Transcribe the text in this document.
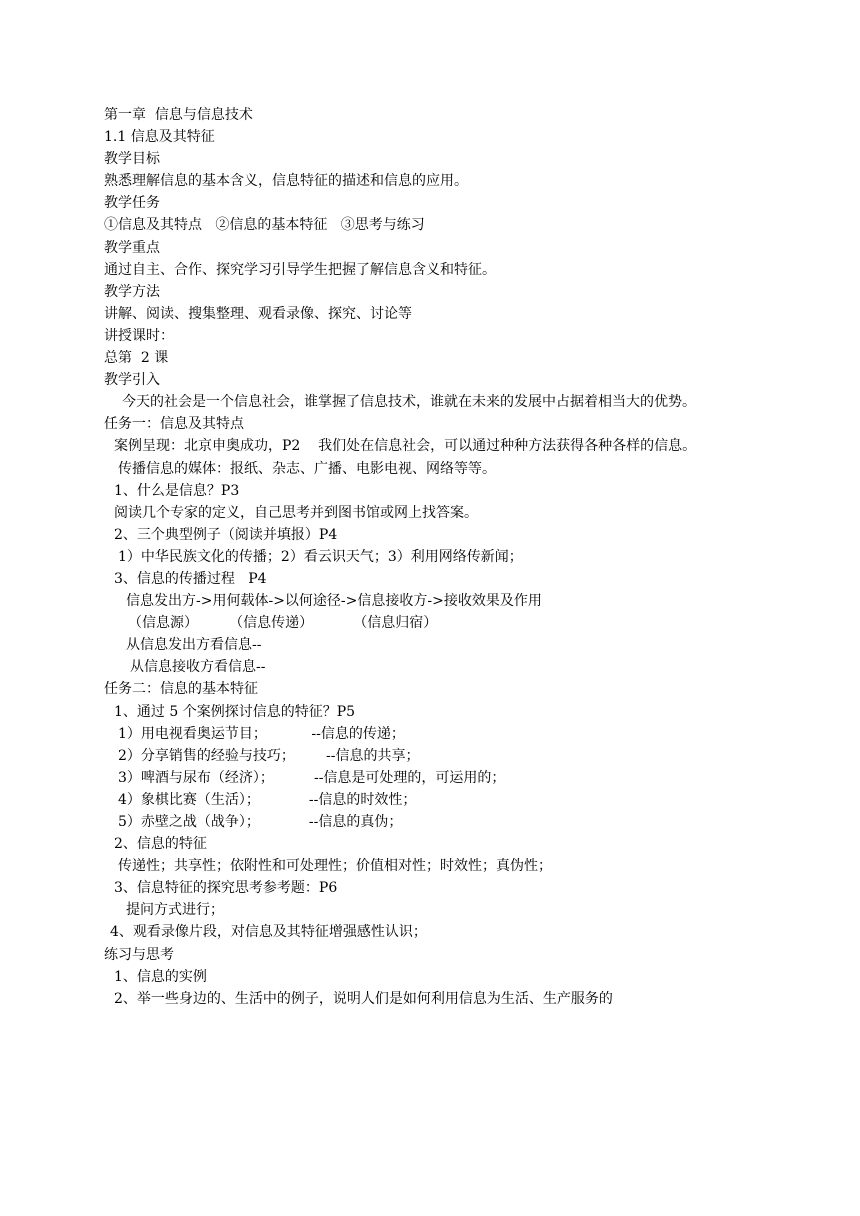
第一章  信息与信息技术
1.1 信息及其特征
教学目标
熟悉理解信息的基本含义，信息特征的描述和信息的应用。
教学任务
①信息及其特点   ②信息的基本特征   ③思考与练习
教学重点
通过自主、合作、探究学习引导学生把握了解信息含义和特征。
教学方法
讲解、阅读、搜集整理、观看录像、探究、讨论等
讲授课时：
总第  2 课
教学引入
今天的社会是一个信息社会，谁掌握了信息技术，谁就在未来的发展中占据着相当大的优势。
任务一：信息及其特点
案例呈现：北京申奥成功，P2    我们处在信息社会，可以通过种种方法获得各种各样的信息。
传播信息的媒体：报纸、杂志、广播、电影电视、网络等等。
1、什么是信息？P3
阅读几个专家的定义，自己思考并到图书馆或网上找答案。
2、三个典型例子（阅读并填报）P4
1）中华民族文化的传播；2）看云识天气；3）利用网络传新闻；
3、信息的传播过程   P4
信息发出方->用何载体->以何途径->信息接收方->接收效果及作用
（信息源）       （信息传递）         （信息归宿）
从信息发出方看信息--
从信息接收方看信息--
任务二：信息的基本特征
1、通过 5 个案例探讨信息的特征？P5
1）用电视看奥运节目；          --信息的传递；
2）分享销售的经验与技巧；       --信息的共享；
3）啤酒与尿布（经济）；         --信息是可处理的，可运用的；
4）象棋比赛（生活）；           --信息的时效性；
5）赤壁之战（战争）；           --信息的真伪；
2、信息的特征
传递性；共享性；依附性和可处理性；价值相对性；时效性；真伪性；
3、信息特征的探究思考参考题：P6
提问方式进行；
4、观看录像片段，对信息及其特征增强感性认识；
练习与思考
1、信息的实例
2、举一些身边的、生活中的例子，说明人们是如何利用信息为生活、生产服务的
